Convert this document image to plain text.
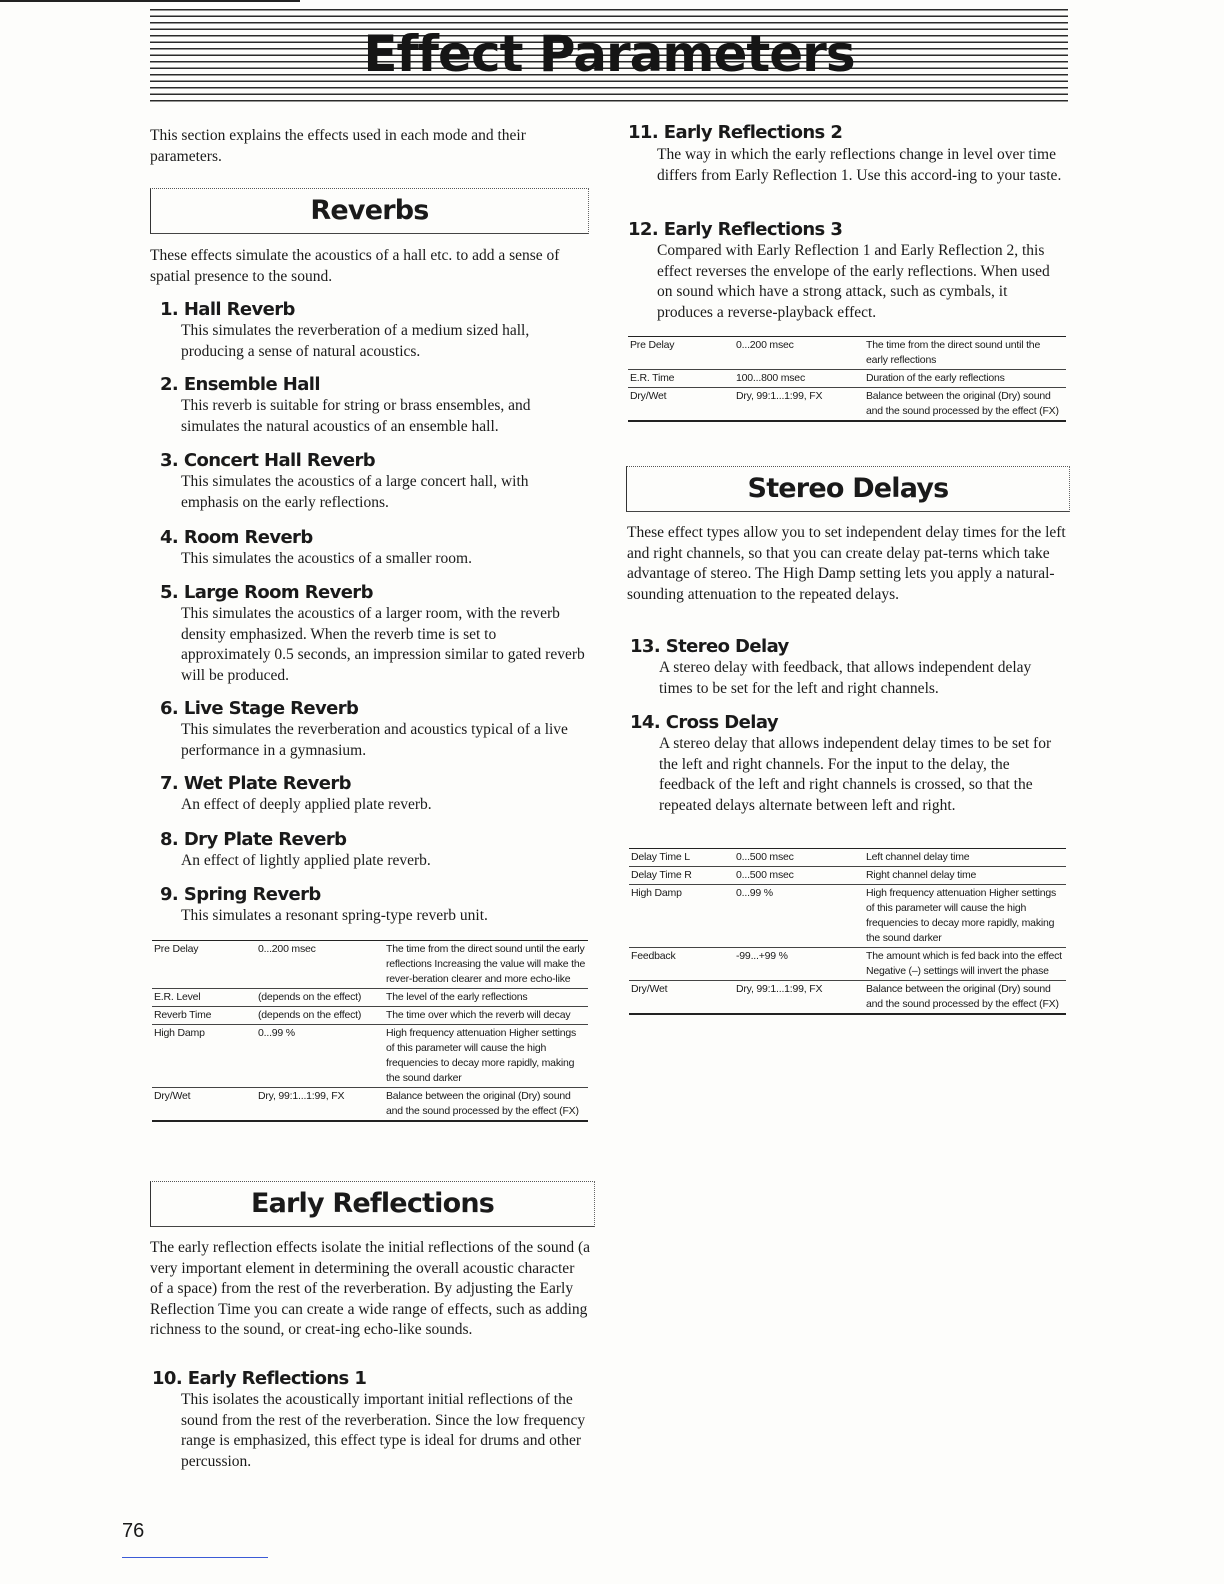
Effect Parameters

This section explains the effects used in each mode and their parameters.

Reverbs

These effects simulate the acoustics of a hall etc. to add a sense of spatial presence to the sound.

1. Hall Reverb

This simulates the reverberation of a medium sized hall, producing a sense of natural acoustics.

2. Ensemble Hall

This reverb is suitable for string or brass ensembles, and simulates the natural acoustics of an ensemble hall.

3. Concert Hall Reverb

This simulates the acoustics of a large concert hall, with emphasis on the early reflections.

4. Room Reverb

This simulates the acoustics of a smaller room.

5. Large Room Reverb

This simulates the acoustics of a larger room, with the reverb density emphasized. When the reverb time is set to approximately 0.5 seconds, an impression similar to gated reverb will be produced.

6. Live Stage Reverb

This simulates the reverberation and acoustics typical of a live performance in a gymnasium.

7. Wet Plate Reverb

An effect of deeply applied plate reverb.

8. Dry Plate Reverb

An effect of lightly applied plate reverb.

9. Spring Reverb

This simulates a resonant spring-type reverb unit.

Pre Delay	0...200 msec	The time from the direct sound until the early reflections Increasing the value will make the rever-beration clearer and more echo-like
E.R. Level	(depends on the effect)	The level of the early reflections
Reverb Time	(depends on the effect)	The time over which the reverb will decay
High Damp	0...99 %	High frequency attenuation Higher settings of this parameter will cause the high frequencies to decay more rapidly, making the sound darker
Dry/Wet	Dry, 99:1...1:99, FX	Balance between the original (Dry) sound and the sound processed by the effect (FX)
Early Reflections

The early reflection effects isolate the initial reflections of the sound (a very important element in determining the overall acoustic character of a space) from the rest of the reverberation. By adjusting the Early Reflection Time you can create a wide range of effects, such as adding richness to the sound, or creat-ing echo-like sounds.

10. Early Reflections 1

This isolates the acoustically important initial reflections of the sound from the rest of the reverberation. Since the low frequency range is emphasized, this effect type is ideal for drums and other percussion.

11. Early Reflections 2

The way in which the early reflections change in level over time differs from Early Reflection 1. Use this accord-ing to your taste.

12. Early Reflections 3

Compared with Early Reflection 1 and Early Reflection 2, this effect reverses the envelope of the early reflections. When used on sound which have a strong attack, such as cymbals, it produces a reverse-playback effect.

Pre Delay	0...200 msec	The time from the direct sound until the early reflections
E.R. Time	100...800 msec	Duration of the early reflections
Dry/Wet	Dry, 99:1...1:99, FX	Balance between the original (Dry) sound and the sound processed by the effect (FX)
Stereo Delays

These effect types allow you to set independent delay times for the left and right channels, so that you can create delay pat-terns which take advantage of stereo. The High Damp setting lets you apply a natural-sounding attenuation to the repeated delays.

13. Stereo Delay

A stereo delay with feedback, that allows independent delay times to be set for the left and right channels.

14. Cross Delay

A stereo delay that allows independent delay times to be set for the left and right channels. For the input to the delay, the feedback of the left and right channels is crossed, so that the repeated delays alternate between left and right.

Delay Time L	0...500 msec	Left channel delay time
Delay Time R	0...500 msec	Right channel delay time
High Damp	0...99 %	High frequency attenuation Higher settings of this parameter will cause the high frequencies to decay more rapidly, making the sound darker
Feedback	-99...+99 %	The amount which is fed back into the effect Negative (–) settings will invert the phase
Dry/Wet	Dry, 99:1...1:99, FX	Balance between the original (Dry) sound and the sound processed by the effect (FX)
76
